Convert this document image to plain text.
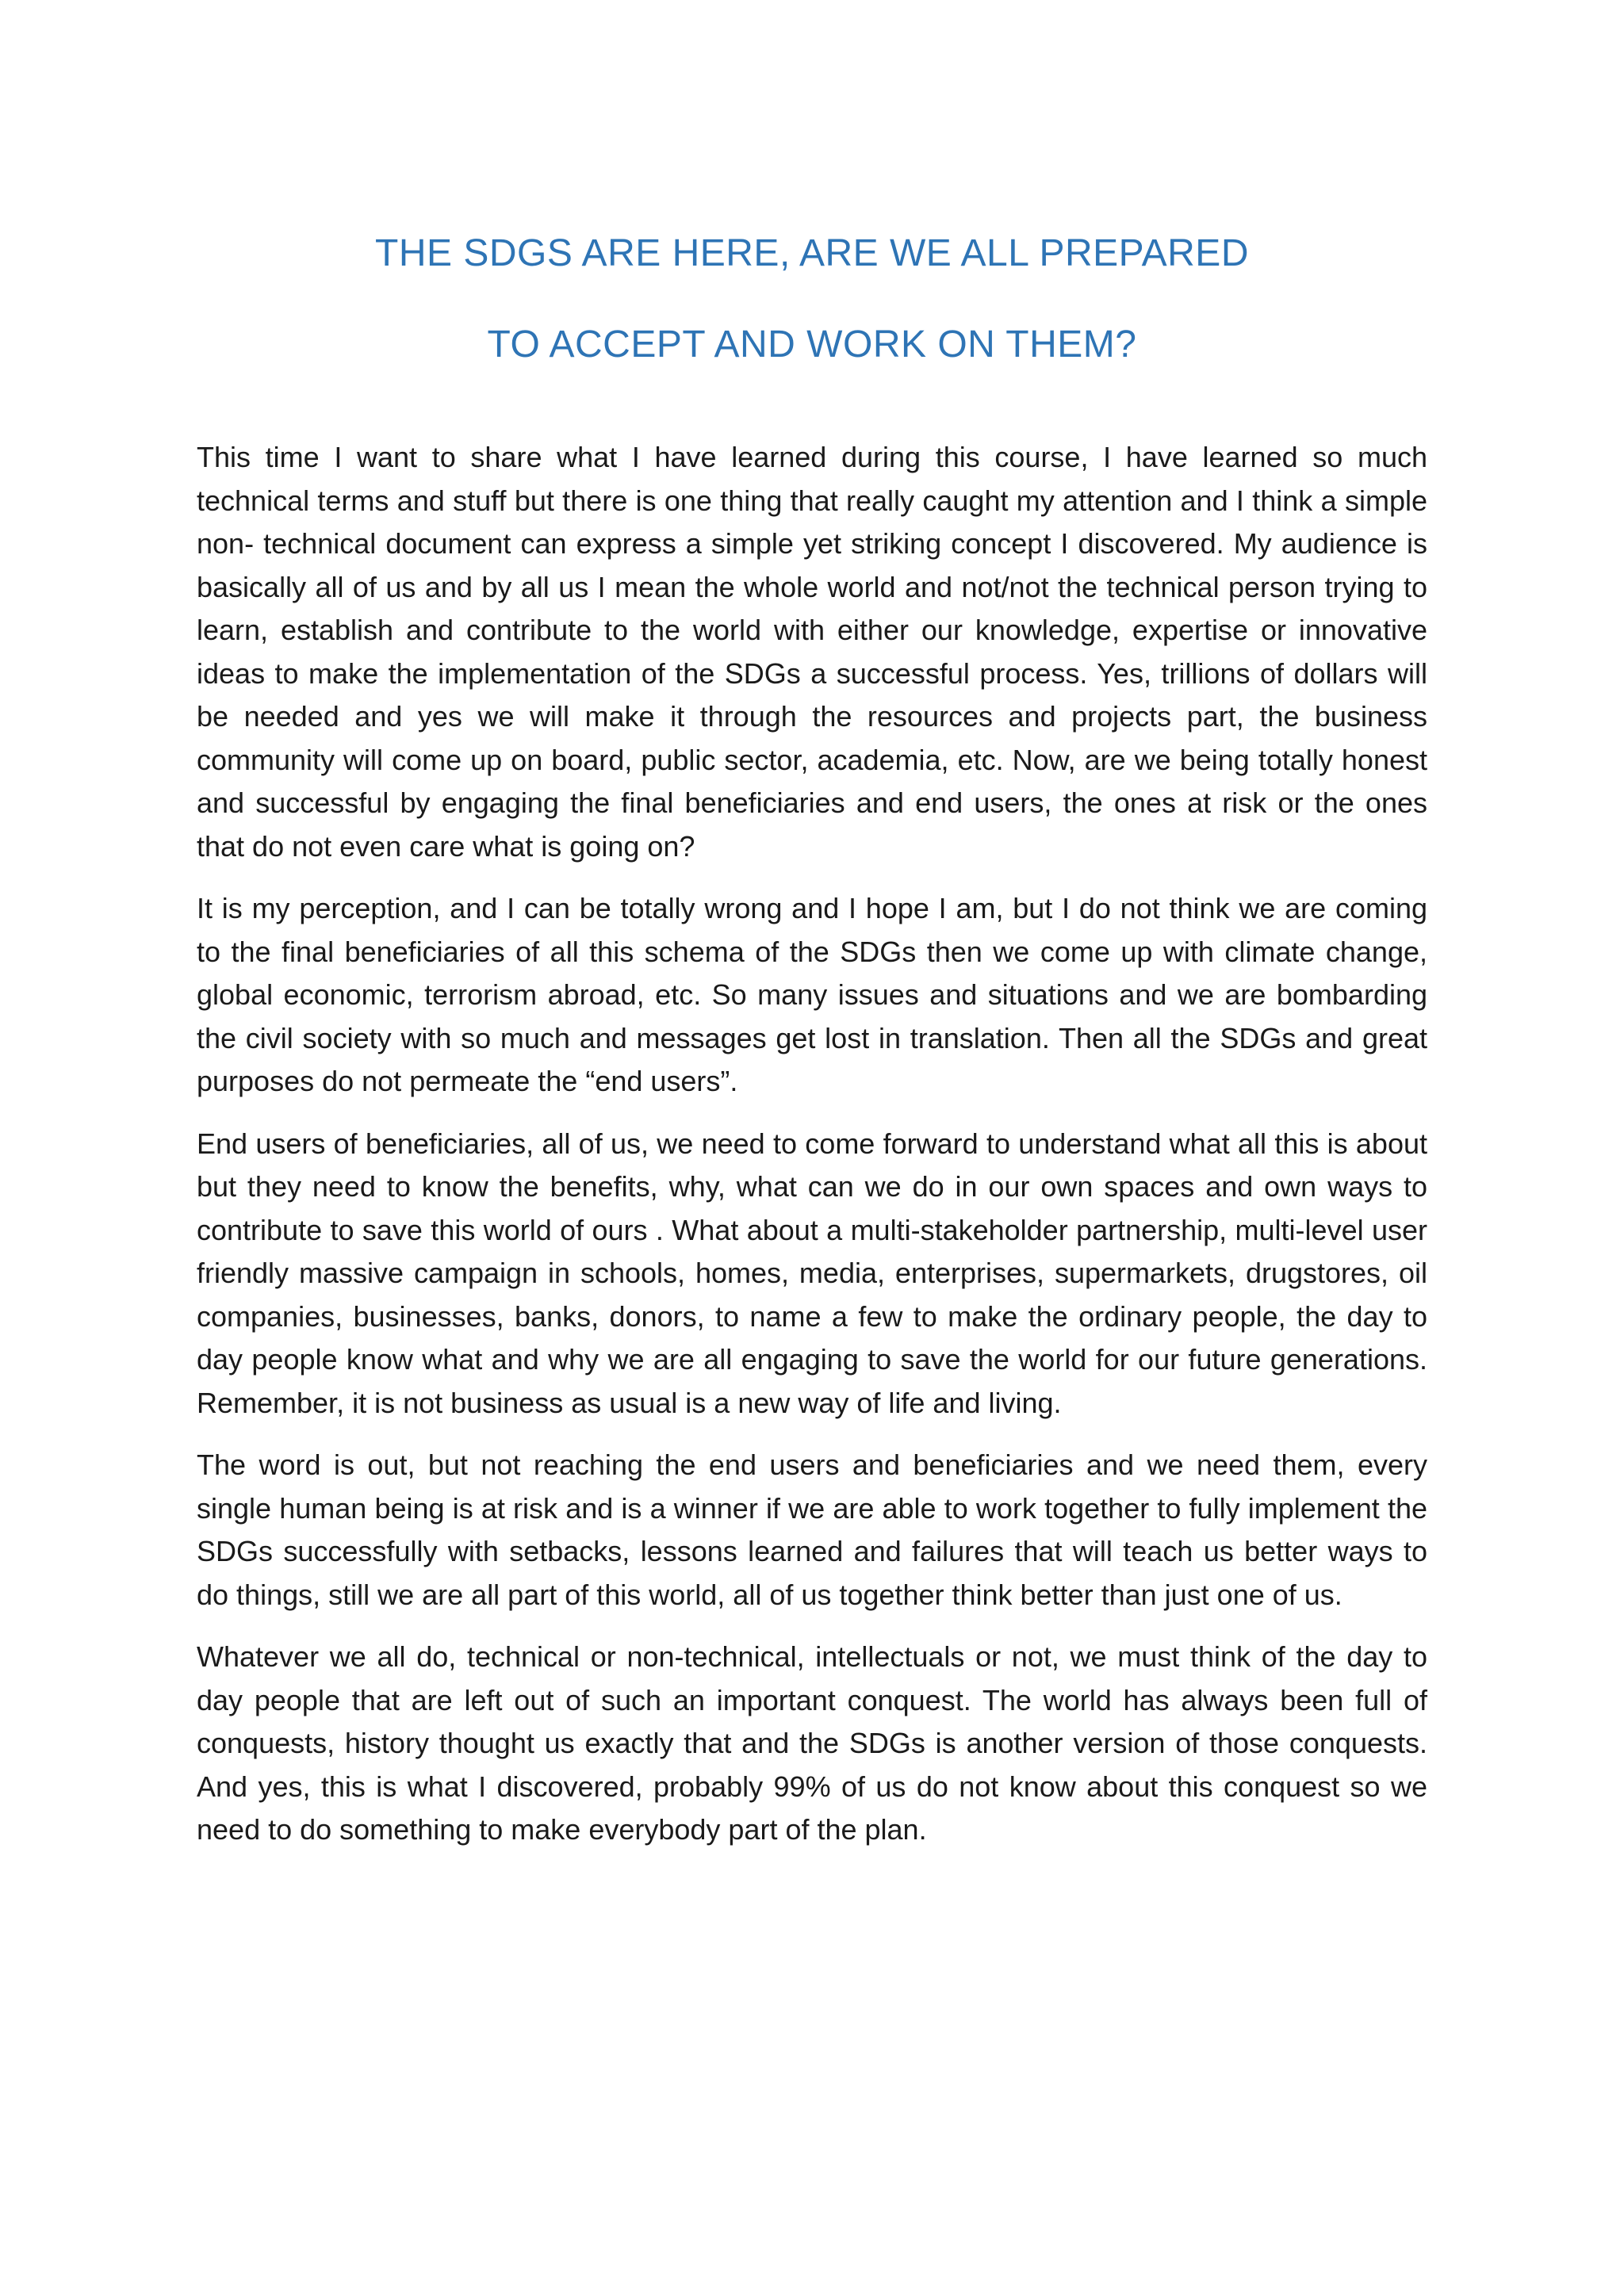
THE SDGS ARE HERE, ARE WE ALL PREPARED
TO ACCEPT AND WORK ON THEM?

This time I want to share what I have learned during this course, I have learned so much technical terms and stuff but there is one thing that really caught my attention and I think a simple non- technical document can express a simple yet striking concept I discovered. My audience is basically all of us and by all us I mean the whole world and not/not the technical person trying to learn, establish and contribute to the world with either our knowledge, expertise or innovative ideas to make the implementation of the SDGs a successful process. Yes, trillions of dollars will be needed and yes we will make it through the resources and projects part, the business community will come up on board, public sector, academia, etc. Now, are we being totally honest and successful by engaging the final beneficiaries and end users, the ones at risk or the ones that do not even care what is going on?

It is my perception, and I can be totally wrong and I hope I am, but I do not think we are coming to the final beneficiaries of all this schema of the SDGs then we come up with climate change, global economic, terrorism abroad, etc. So many issues and situations and we are bombarding the civil society with so much and messages get lost in translation. Then all the SDGs and great purposes do not permeate the “end users”.

End users of beneficiaries, all of us, we need to come forward to understand what all this is about but they need to know the benefits, why, what can we do in our own spaces and own ways to contribute to save this world of ours . What about a multi-stakeholder partnership, multi-level user friendly massive campaign in schools, homes, media, enterprises, supermarkets, drugstores, oil companies, businesses, banks, donors, to name a few to make the ordinary people, the day to day people know what and why we are all engaging to save the world for our future generations. Remember, it is not business as usual is a new way of life and living.

The word is out, but not reaching the end users and beneficiaries and we need them, every single human being is at risk and is a winner if we are able to work together to fully implement the SDGs successfully with setbacks, lessons learned and failures that will teach us better ways to do things, still we are all part of this world, all of us together think better than just one of us.

Whatever we all do, technical or non-technical, intellectuals or not, we must think of the day to day people that are left out of such an important conquest. The world has always been full of conquests, history thought us exactly that and the SDGs is another version of those conquests. And yes, this is what I discovered, probably 99% of us do not know about this conquest so we need to do something to make everybody part of the plan.
